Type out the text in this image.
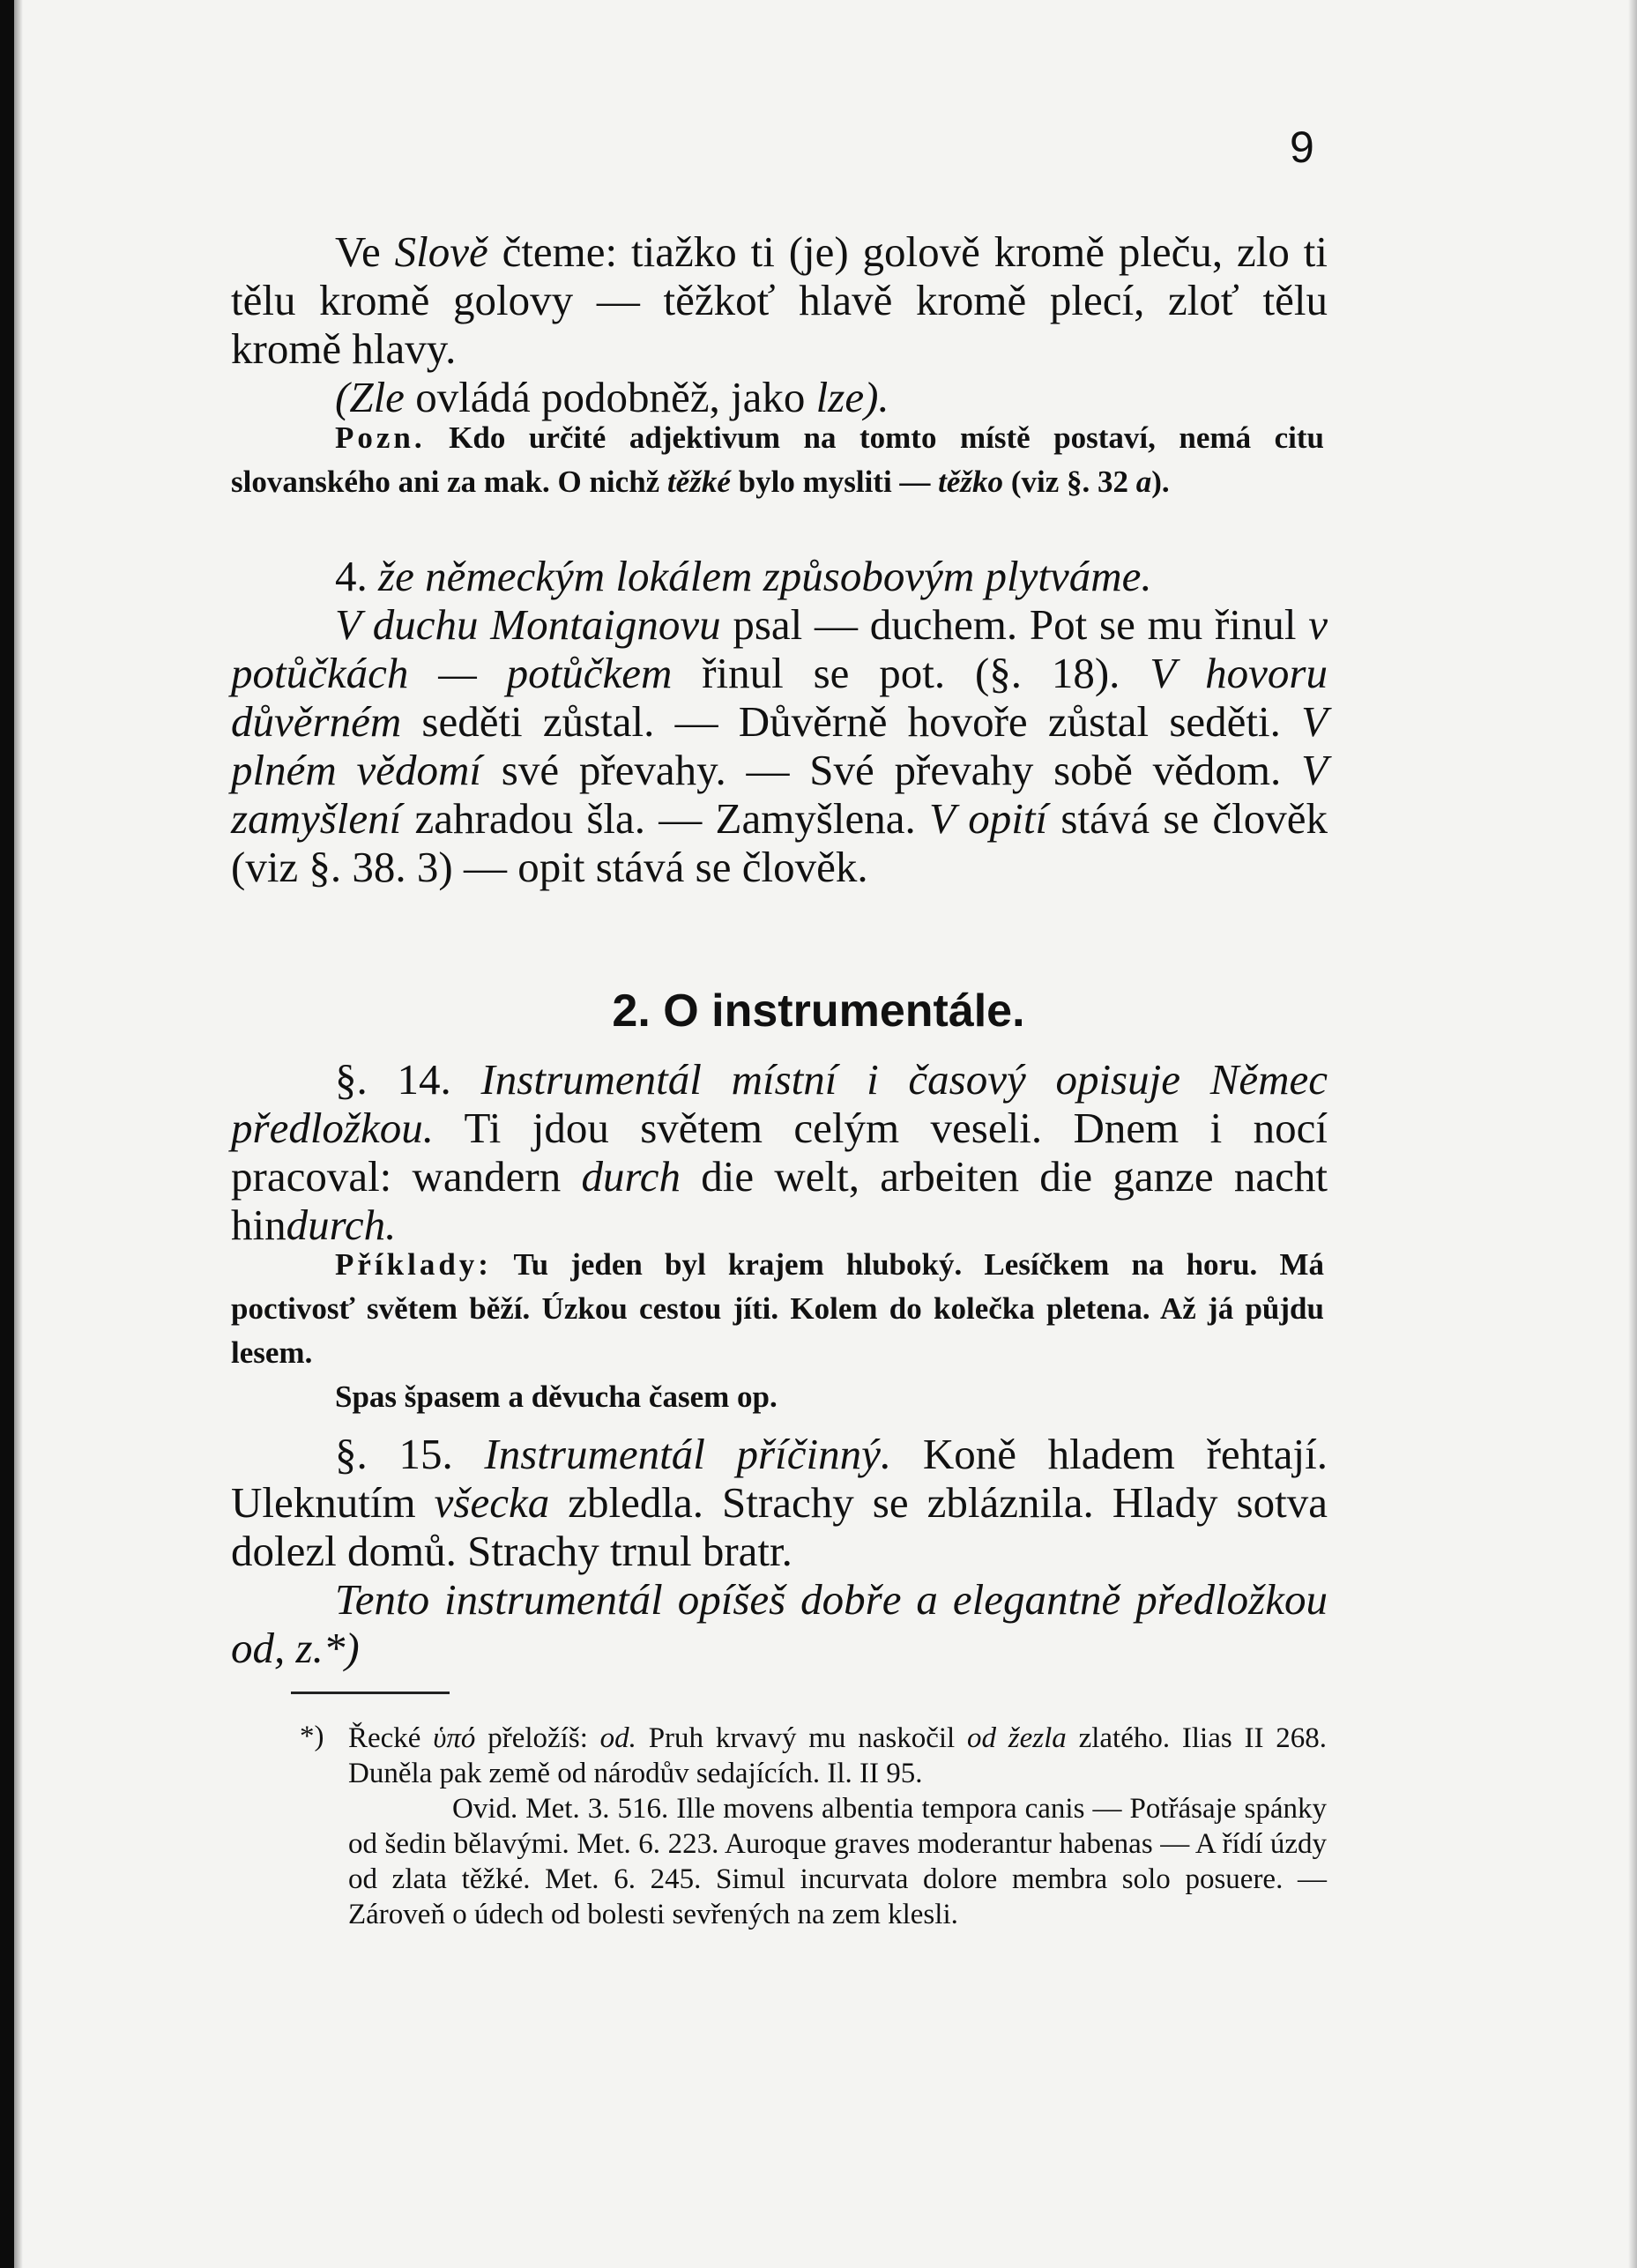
9
Ve Slově čteme: tiažko ti (je) golově kromě pleču, zlo ti tělu kromě golovy — těžkoť hlavě kromě plecí, zloť tělu kromě hlavy.
(Zle ovládá podobněž, jako lze).
Pozn. Kdo určité adjektivum na tomto místě postaví, nemá citu slovanského ani za mak. O nichž těžké bylo mysliti — těžko (viz §. 32 a).
4. že německým lokálem způsobovým plytváme.
V duchu Montaignovu psal — duchem. Pot se mu řinul v potůčkách — potůčkem řinul se pot. (§. 18). V hovoru důvěrném seděti zůstal. — Důvěrně hovoře zůstal seděti. V plném vědomí své převahy. — Své převahy sobě vědom. V zamyšlení zahradou šla. — Zamyšlena. V opití stává se člověk (viz §. 38. 3) — opit stává se člověk.
2. O instrumentále.
§. 14. Instrumentál místní i časový opisuje Němec předložkou. Ti jdou světem celým veseli. Dnem i nocí pracoval: wandern durch die welt, arbeiten die ganze nacht hindurch.
Příklady: Tu jeden byl krajem hluboký. Lesíčkem na horu. Má poctivosť světem běží. Úzkou cestou jíti. Kolem do kolečka pletena. Až já půjdu lesem.
Spas špasem a děvucha časem op.
§. 15. Instrumentál příčinný. Koně hladem řehtají. Uleknutím všecka zbledla. Strachy se zbláznila. Hlady sotva dolezl domů. Strachy trnul bratr.
Tento instrumentál opíšeš dobře a elegantně předložkou od, z.*)
*) Řecké ὑπό přeložíš: od. Pruh krvavý mu naskočil od žezla zlatého. Ilias II 268. Duněla pak země od národův sedajících. Il. II 95.
Ovid. Met. 3. 516. Ille movens albentia tempora canis — Potřásaje spánky od šedin bělavými. Met. 6. 223. Auroque graves moderantur habenas — A řídí úzdy od zlata těžké. Met. 6. 245. Simul incurvata dolore membra solo posuere. — Zároveň o údech od bolesti sevřených na zem klesli.
